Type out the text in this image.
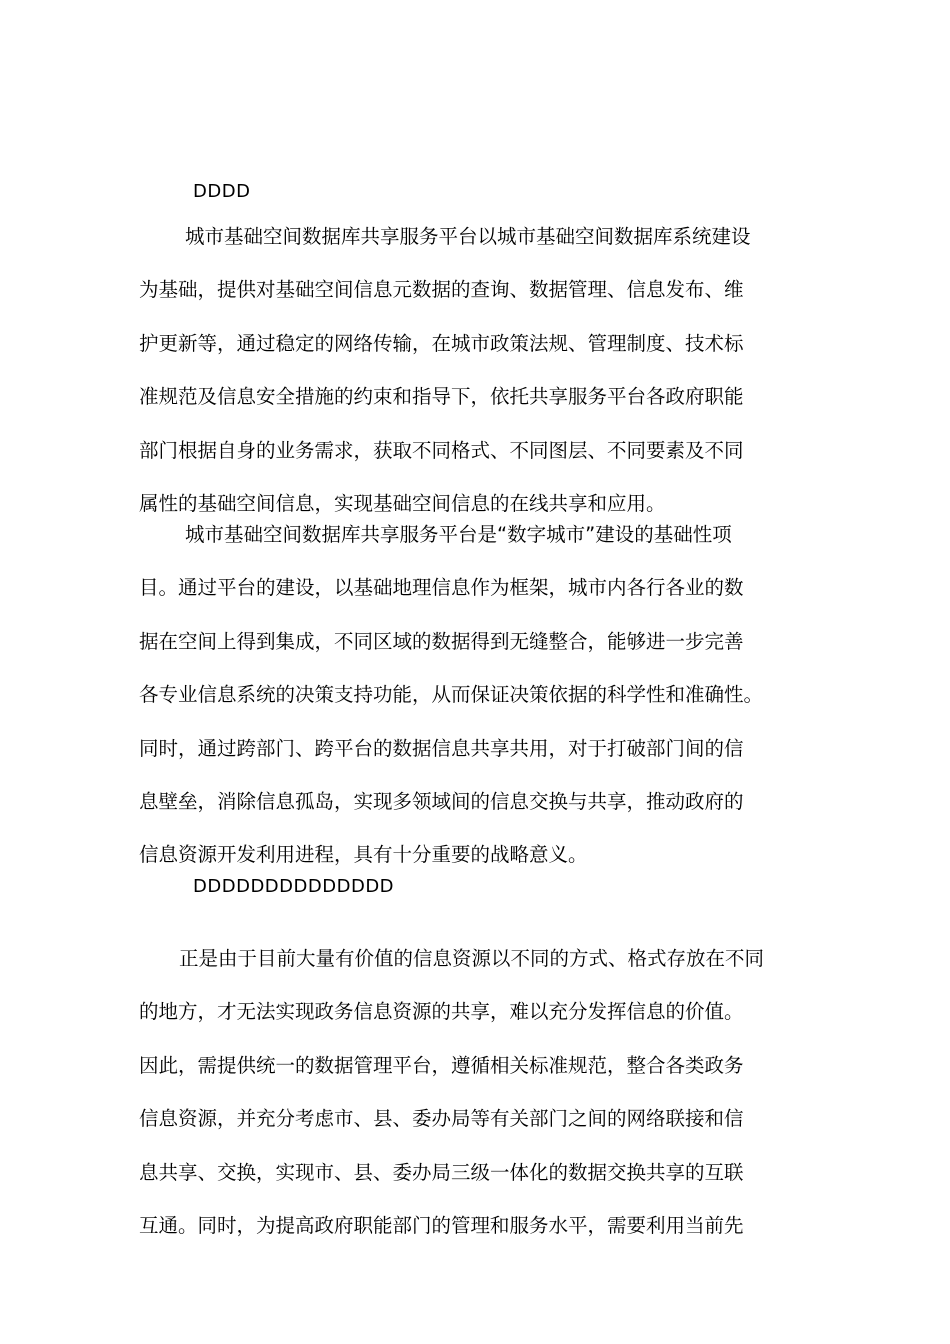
DDDD
城市基础空间数据库共享服务平台以城市基础空间数据库系统建设
为基础，提供对基础空间信息元数据的查询、数据管理、信息发布、维
护更新等，通过稳定的网络传输，在城市政策法规、管理制度、技术标
准规范及信息安全措施的约束和指导下，依托共享服务平台各政府职能
部门根据自身的业务需求，获取不同格式、不同图层、不同要素及不同
属性的基础空间信息，实现基础空间信息的在线共享和应用。
城市基础空间数据库共享服务平台是“数字城市”建设的基础性项
目。通过平台的建设，以基础地理信息作为框架，城市内各行各业的数
据在空间上得到集成，不同区域的数据得到无缝整合，能够进一步完善
各专业信息系统的决策支持功能，从而保证决策依据的科学性和准确性。
同时，通过跨部门、跨平台的数据信息共享共用，对于打破部门间的信
息壁垒，消除信息孤岛，实现多领域间的信息交换与共享，推动政府的
信息资源开发利用进程，具有十分重要的战略意义。
DDDDDDDDDDDDDD
正是由于目前大量有价值的信息资源以不同的方式、格式存放在不同
的地方，才无法实现政务信息资源的共享，难以充分发挥信息的价值。
因此，需提供统一的数据管理平台，遵循相关标准规范，整合各类政务
信息资源，并充分考虑市、县、委办局等有关部门之间的网络联接和信
息共享、交换，实现市、县、委办局三级一体化的数据交换共享的互联
互通。同时，为提高政府职能部门的管理和服务水平，需要利用当前先
